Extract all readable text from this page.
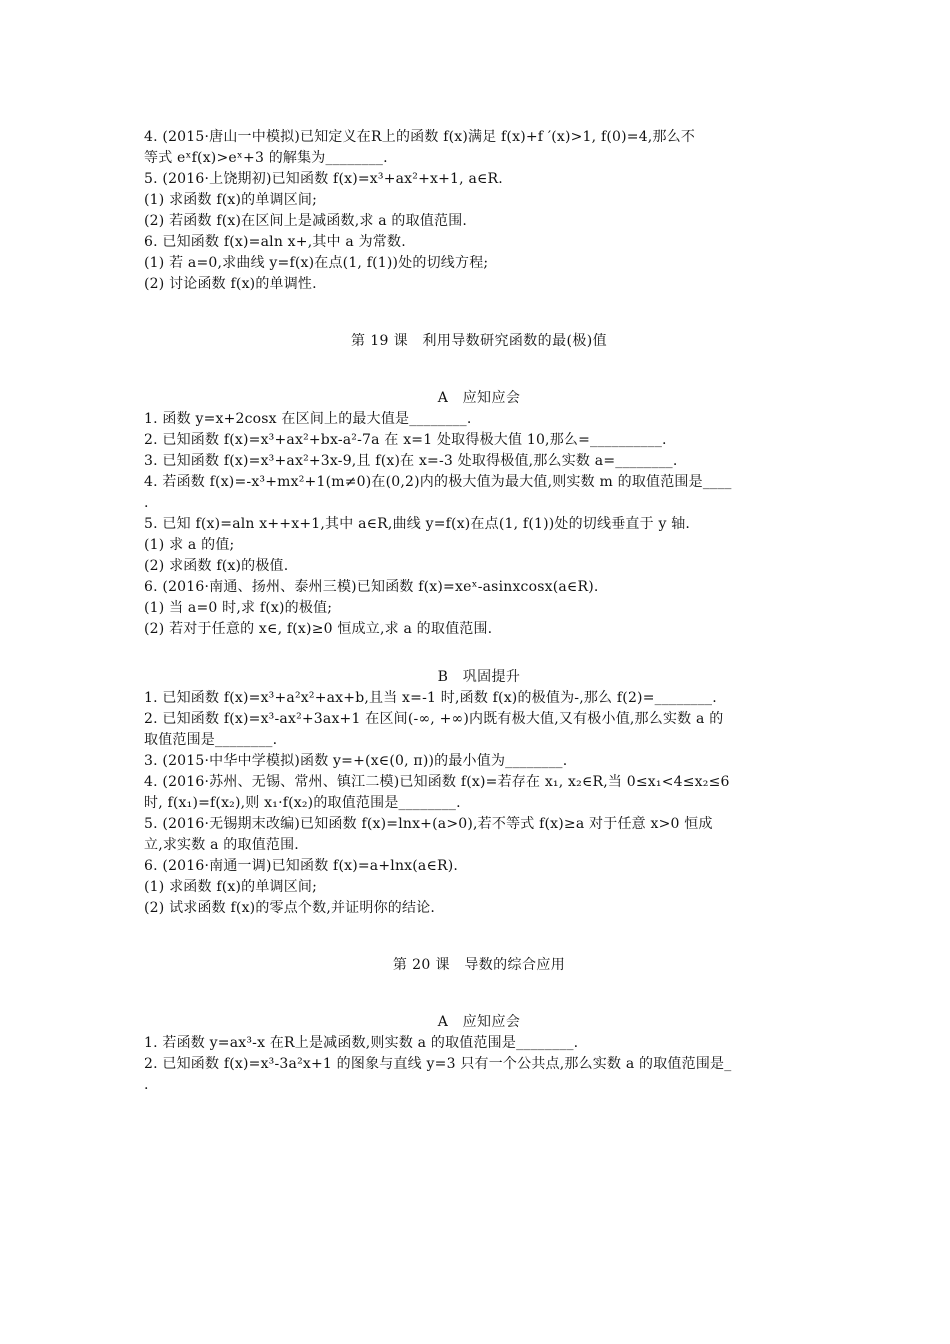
4. (2015·唐山一中模拟)已知定义在R上的函数 f(x)满足 f(x)+f ′(x)>1, f(0)=4,那么不
等式 eˣf(x)>eˣ+3 的解集为________.
5. (2016·上饶期初)已知函数 f(x)=x³+ax²+x+1, a∈R.
(1) 求函数 f(x)的单调区间;
(2) 若函数 f(x)在区间上是减函数,求 a 的取值范围.
6. 已知函数 f(x)=aln x+,其中 a 为常数.
(1) 若 a=0,求曲线 y=f(x)在点(1, f(1))处的切线方程;
(2) 讨论函数 f(x)的单调性.
第 19 课　利用导数研究函数的最(极)值
A　应知应会
1. 函数 y=x+2cosx 在区间上的最大值是________.
2. 已知函数 f(x)=x³+ax²+bx-a²-7a 在 x=1 处取得极大值 10,那么=__________.
3. 已知函数 f(x)=x³+ax²+3x-9,且 f(x)在 x=-3 处取得极值,那么实数 a=________.
4. 若函数 f(x)=-x³+mx²+1(m≠0)在(0,2)内的极大值为最大值,则实数 m 的取值范围是____
.
5. 已知 f(x)=aln x++x+1,其中 a∈R,曲线 y=f(x)在点(1, f(1))处的切线垂直于 y 轴.
(1) 求 a 的值;
(2) 求函数 f(x)的极值.
6. (2016·南通、扬州、泰州三模)已知函数 f(x)=xeˣ-asinxcosx(a∈R).
(1) 当 a=0 时,求 f(x)的极值;
(2) 若对于任意的 x∈, f(x)≥0 恒成立,求 a 的取值范围.
B　巩固提升
1. 已知函数 f(x)=x³+a²x²+ax+b,且当 x=-1 时,函数 f(x)的极值为-,那么 f(2)=________.
2. 已知函数 f(x)=x³-ax²+3ax+1 在区间(-∞, +∞)内既有极大值,又有极小值,那么实数 a 的
取值范围是________.
3. (2015·中华中学模拟)函数 y=+(x∈(0, π))的最小值为________.
4. (2016·苏州、无锡、常州、镇江二模)已知函数 f(x)=若存在 x₁, x₂∈R,当 0≤x₁<4≤x₂≤6
时, f(x₁)=f(x₂),则 x₁·f(x₂)的取值范围是________.
5. (2016·无锡期末改编)已知函数 f(x)=lnx+(a>0),若不等式 f(x)≥a 对于任意 x>0 恒成
立,求实数 a 的取值范围.
6. (2016·南通一调)已知函数 f(x)=a+lnx(a∈R).
(1) 求函数 f(x)的单调区间;
(2) 试求函数 f(x)的零点个数,并证明你的结论.
第 20 课　导数的综合应用
A　应知应会
1. 若函数 y=ax³-x 在R上是减函数,则实数 a 的取值范围是________.
2. 已知函数 f(x)=x³-3a²x+1 的图象与直线 y=3 只有一个公共点,那么实数 a 的取值范围是_
.
